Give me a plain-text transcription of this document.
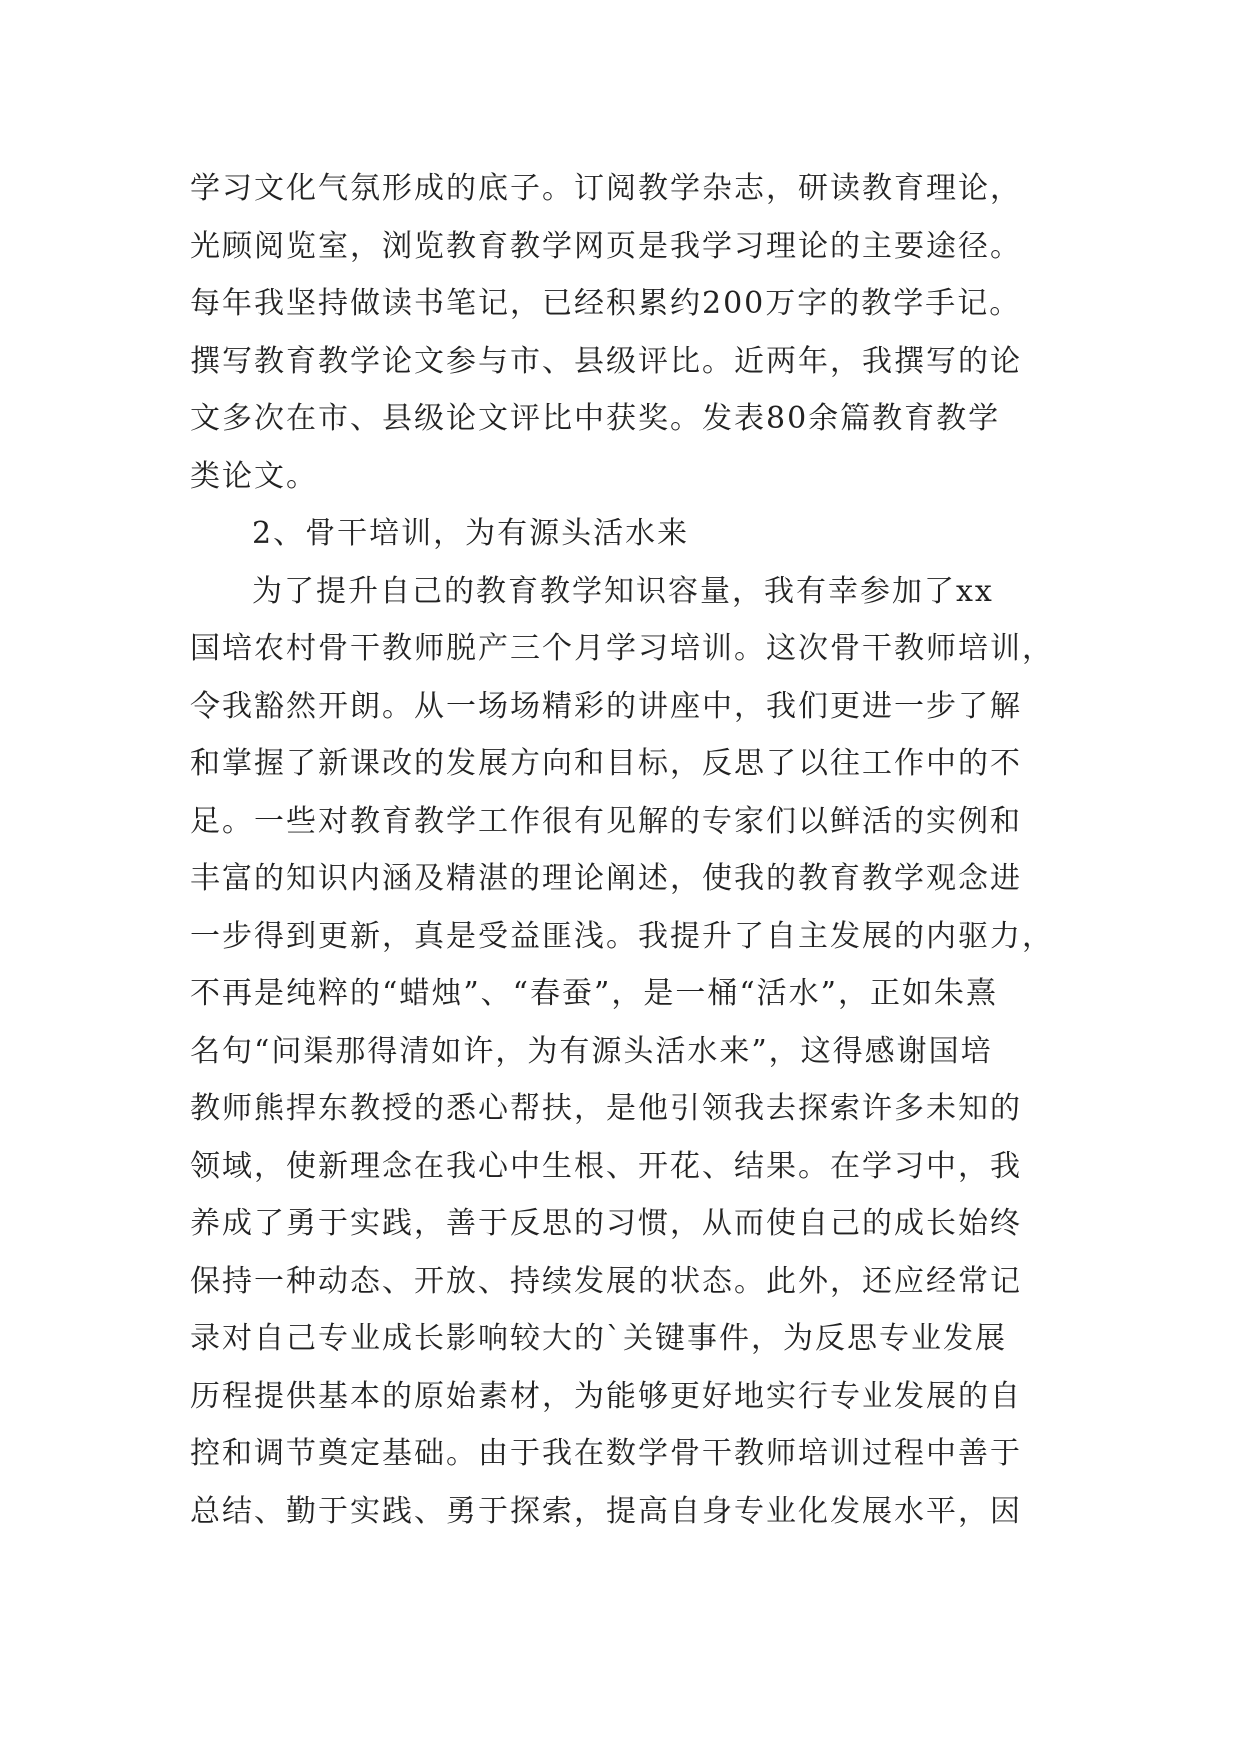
学习文化气氛形成的底子。订阅教学杂志，研读教育理论，
光顾阅览室，浏览教育教学网页是我学习理论的主要途径。
每年我坚持做读书笔记，已经积累约200万字的教学手记。
撰写教育教学论文参与市、县级评比。近两年，我撰写的论
文多次在市、县级论文评比中获奖。发表80余篇教育教学
类论文。
2、骨干培训，为有源头活水来
为了提升自己的教育教学知识容量，我有幸参加了xx
国培农村骨干教师脱产三个月学习培训。这次骨干教师培训，
令我豁然开朗。从一场场精彩的讲座中，我们更进一步了解
和掌握了新课改的发展方向和目标，反思了以往工作中的不
足。一些对教育教学工作很有见解的专家们以鲜活的实例和
丰富的知识内涵及精湛的理论阐述，使我的教育教学观念进
一步得到更新，真是受益匪浅。我提升了自主发展的内驱力，
不再是纯粹的“蜡烛”、“春蚕”，是一桶“活水”，正如朱熹
名句“问渠那得清如许，为有源头活水来”，这得感谢国培
教师熊捍东教授的悉心帮扶，是他引领我去探索许多未知的
领域，使新理念在我心中生根、开花、结果。在学习中，我
养成了勇于实践，善于反思的习惯，从而使自己的成长始终
保持一种动态、开放、持续发展的状态。此外，还应经常记
录对自己专业成长影响较大的`关键事件，为反思专业发展
历程提供基本的原始素材，为能够更好地实行专业发展的自
控和调节奠定基础。由于我在数学骨干教师培训过程中善于
总结、勤于实践、勇于探索，提高自身专业化发展水平，因
